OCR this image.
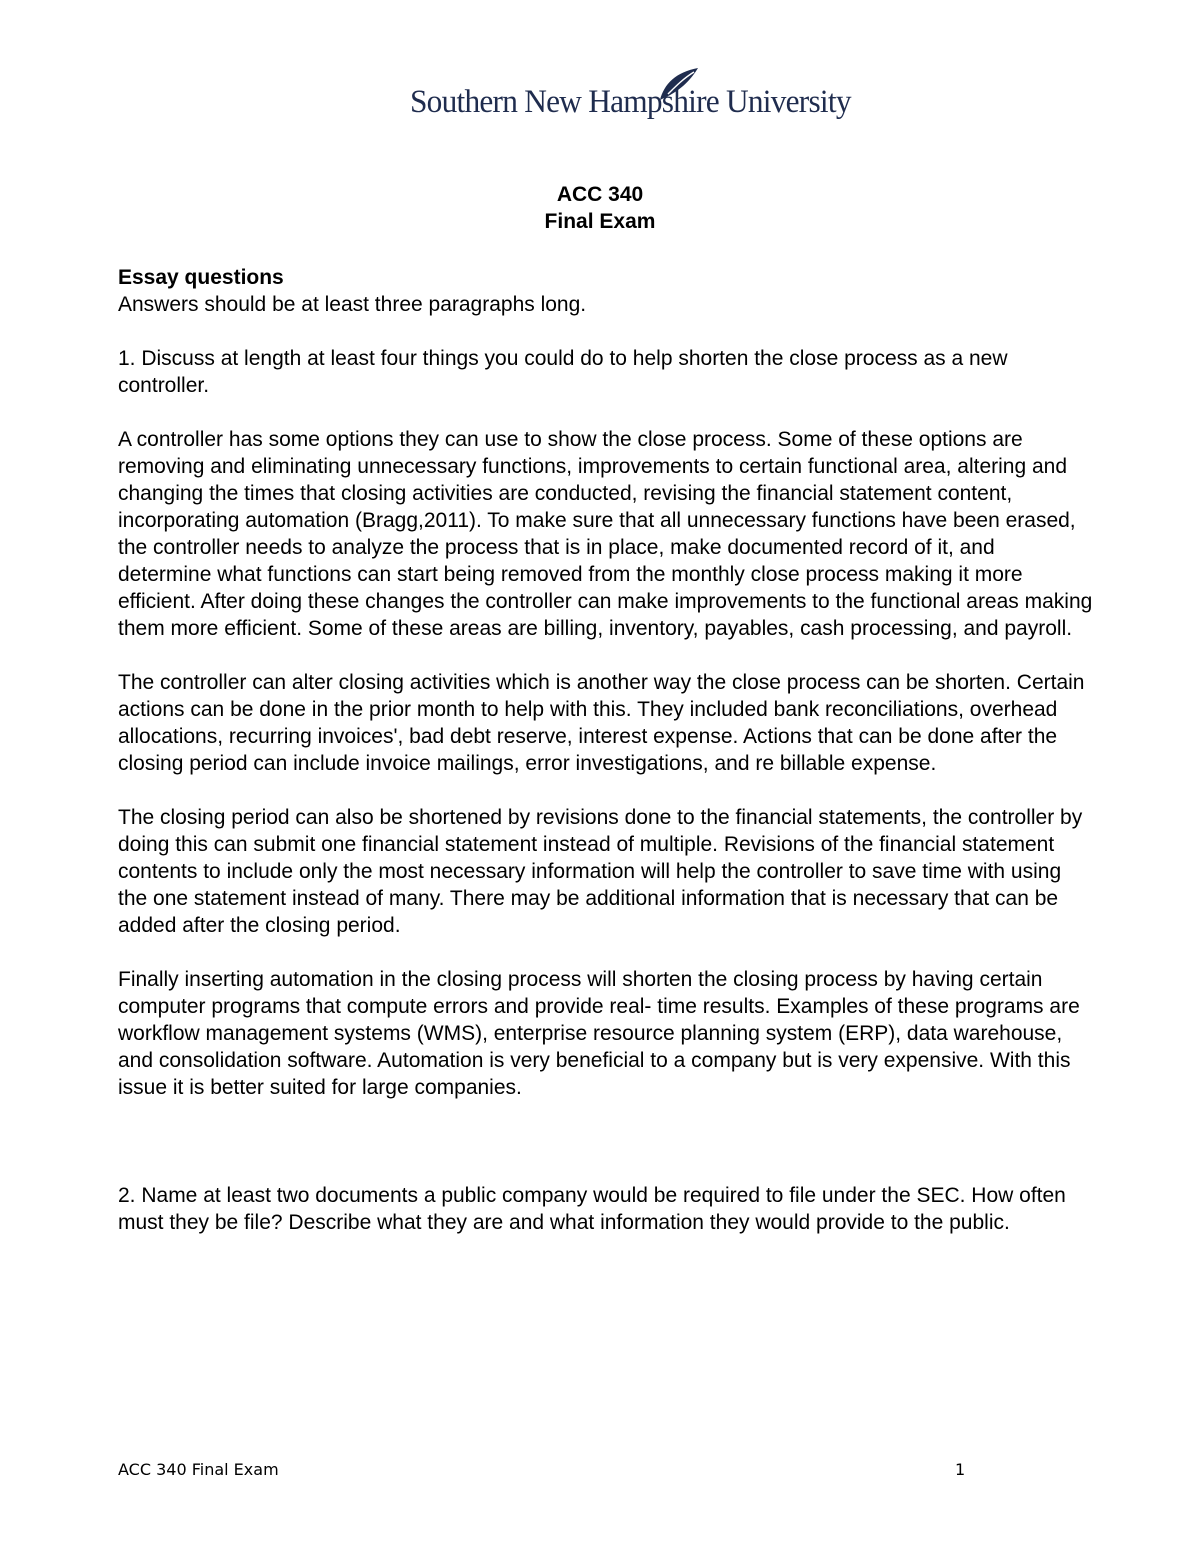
Southern New Hampshire University
ACC 340
Final Exam

Essay questions

Answers should be at least three paragraphs long.

1. Discuss at length at least four things you could do to help shorten the close process as a new controller.

A controller has some options they can use to show the close process. Some of these options are removing and eliminating unnecessary functions, improvements to certain functional area, altering and changing the times that closing activities are conducted, revising the financial statement content, incorporating automation (Bragg,2011). To make sure that all unnecessary functions have been erased, the controller needs to analyze the process that is in place, make documented record of it, and determine what functions can start being removed from the monthly close process making it more efficient. After doing these changes the controller can make improvements to the functional areas making them more efficient. Some of these areas are billing, inventory, payables, cash processing, and payroll.

The controller can alter closing activities which is another way the close process can be shorten. Certain actions can be done in the prior month to help with this. They included bank reconciliations, overhead allocations, recurring invoices', bad debt reserve, interest expense. Actions that can be done after the closing period can include invoice mailings, error investigations, and re billable expense.

The closing period can also be shortened by revisions done to the financial statements, the controller by doing this can submit one financial statement instead of multiple. Revisions of the financial statement contents to include only the most necessary information will help the controller to save time with using the one statement instead of many. There may be additional information that is necessary that can be added after the closing period.

Finally inserting automation in the closing process will shorten the closing process by having certain computer programs that compute errors and provide real- time results. Examples of these programs are workflow management systems (WMS), enterprise resource planning system (ERP), data warehouse, and consolidation software. Automation is very beneficial to a company but is very expensive. With this issue it is better suited for large companies.

2. Name at least two documents a public company would be required to file under the SEC. How often must they be file? Describe what they are and what information they would provide to the public.

ACC 340 Final Exam	1
